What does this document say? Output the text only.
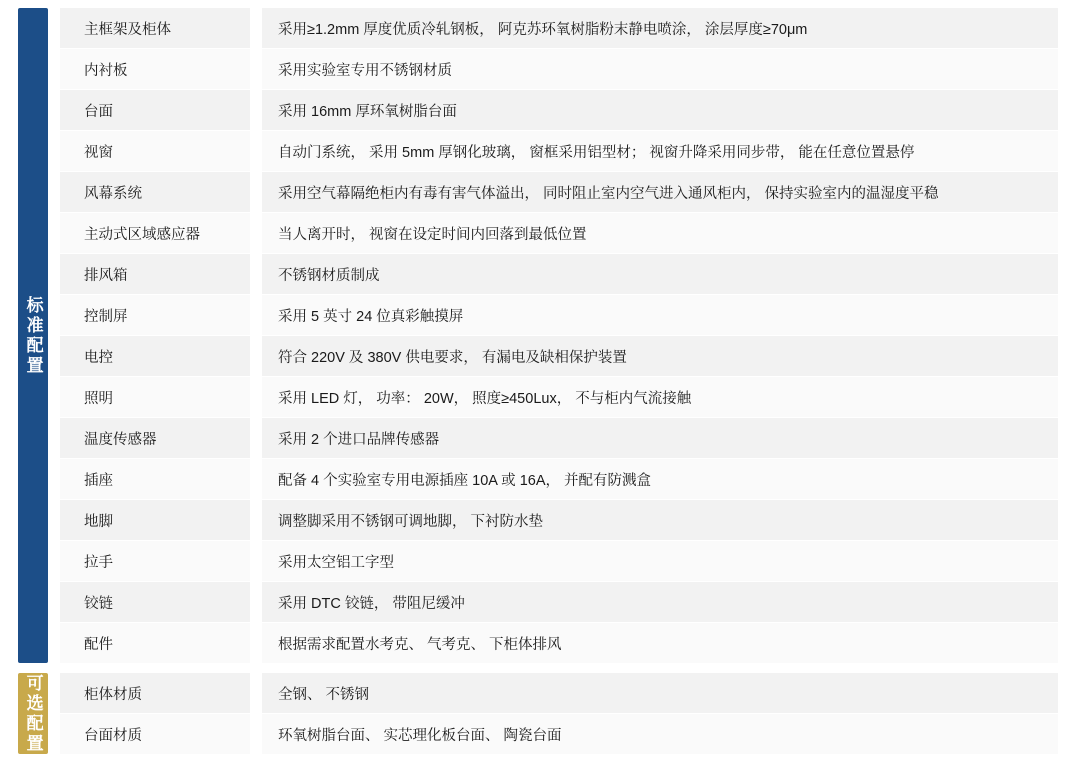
标准配置
主框架及柜体	采用≥1.2mm 厚度优质冷轧钢板， 阿克苏环氧树脂粉末静电喷涂， 涂层厚度≥70μm
内衬板	采用实验室专用不锈钢材质
台面	采用 16mm 厚环氧树脂台面
视窗	自动门系统， 采用 5mm 厚钢化玻璃， 窗框采用铝型材； 视窗升降采用同步带， 能在任意位置悬停
风幕系统	采用空气幕隔绝柜内有毒有害气体溢出， 同时阻止室内空气进入通风柜内， 保持实验室内的温湿度平稳
主动式区域感应器	当人离开时， 视窗在设定时间内回落到最低位置
排风箱	不锈钢材质制成
控制屏	采用 5 英寸 24 位真彩触摸屏
电控	符合 220V 及 380V 供电要求， 有漏电及缺相保护装置
照明	采用 LED 灯， 功率： 20W， 照度≥450Lux， 不与柜内气流接触
温度传感器	采用 2 个进口品牌传感器
插座	配备 4 个实验室专用电源插座 10A 或 16A， 并配有防溅盒
地脚	调整脚采用不锈钢可调地脚， 下衬防水垫
拉手	采用太空铝工字型
铰链	采用 DTC 铰链， 带阻尼缓冲
配件	根据需求配置水考克、 气考克、 下柜体排风
可选配置	柜体材质	全钢、 不锈钢
台面材质	环氧树脂台面、 实芯理化板台面、 陶瓷台面
